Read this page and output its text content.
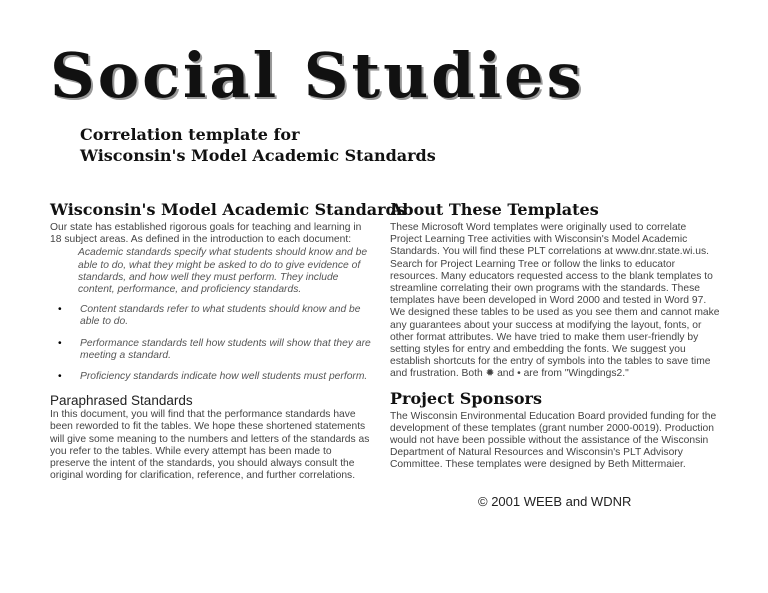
Social Studies
Correlation template for
Wisconsin's Model Academic Standards
Wisconsin's Model Academic Standards
Our state has established rigorous goals for teaching and learning in 18 subject areas. As defined in the introduction to each document:
Academic standards specify what students should know and be able to do, what they might be asked to do to give evidence of standards, and how well they must perform. They include content, performance, and proficiency standards.
• Content standards refer to what students should know and be able to do.
• Performance standards tell how students will show that they are meeting a standard.
• Proficiency standards indicate how well students must perform.
Paraphrased Standards
In this document, you will find that the performance standards have been reworded to fit the tables. We hope these shortened statements will give some meaning to the numbers and letters of the standards as you refer to the tables. While every attempt has been made to preserve the intent of the standards, you should always consult the original wording for clarification, reference, and further correlations.
About These Templates
These Microsoft Word templates were originally used to correlate Project Learning Tree activities with Wisconsin's Model Academic Standards. You will find these PLT correlations at www.dnr.state.wi.us. Search for Project Learning Tree or follow the links to educator resources. Many educators requested access to the blank templates to streamline correlating their own programs with the standards. These templates have been developed in Word 2000 and tested in Word 97. We designed these tables to be used as you see them and cannot make any guarantees about your success at modifying the layout, fonts, or other format attributes. We have tried to make them user-friendly by setting styles for entry and embedding the fonts. We suggest you establish shortcuts for the entry of symbols into the tables to save time and frustration. Both ✹ and • are from "Wingdings2."
Project Sponsors
The Wisconsin Environmental Education Board provided funding for the development of these templates (grant number 2000-0019). Production would not have been possible without the assistance of the Wisconsin Department of Natural Resources and Wisconsin's PLT Advisory Committee. These templates were designed by Beth Mittermaier.
© 2001 WEEB and WDNR
